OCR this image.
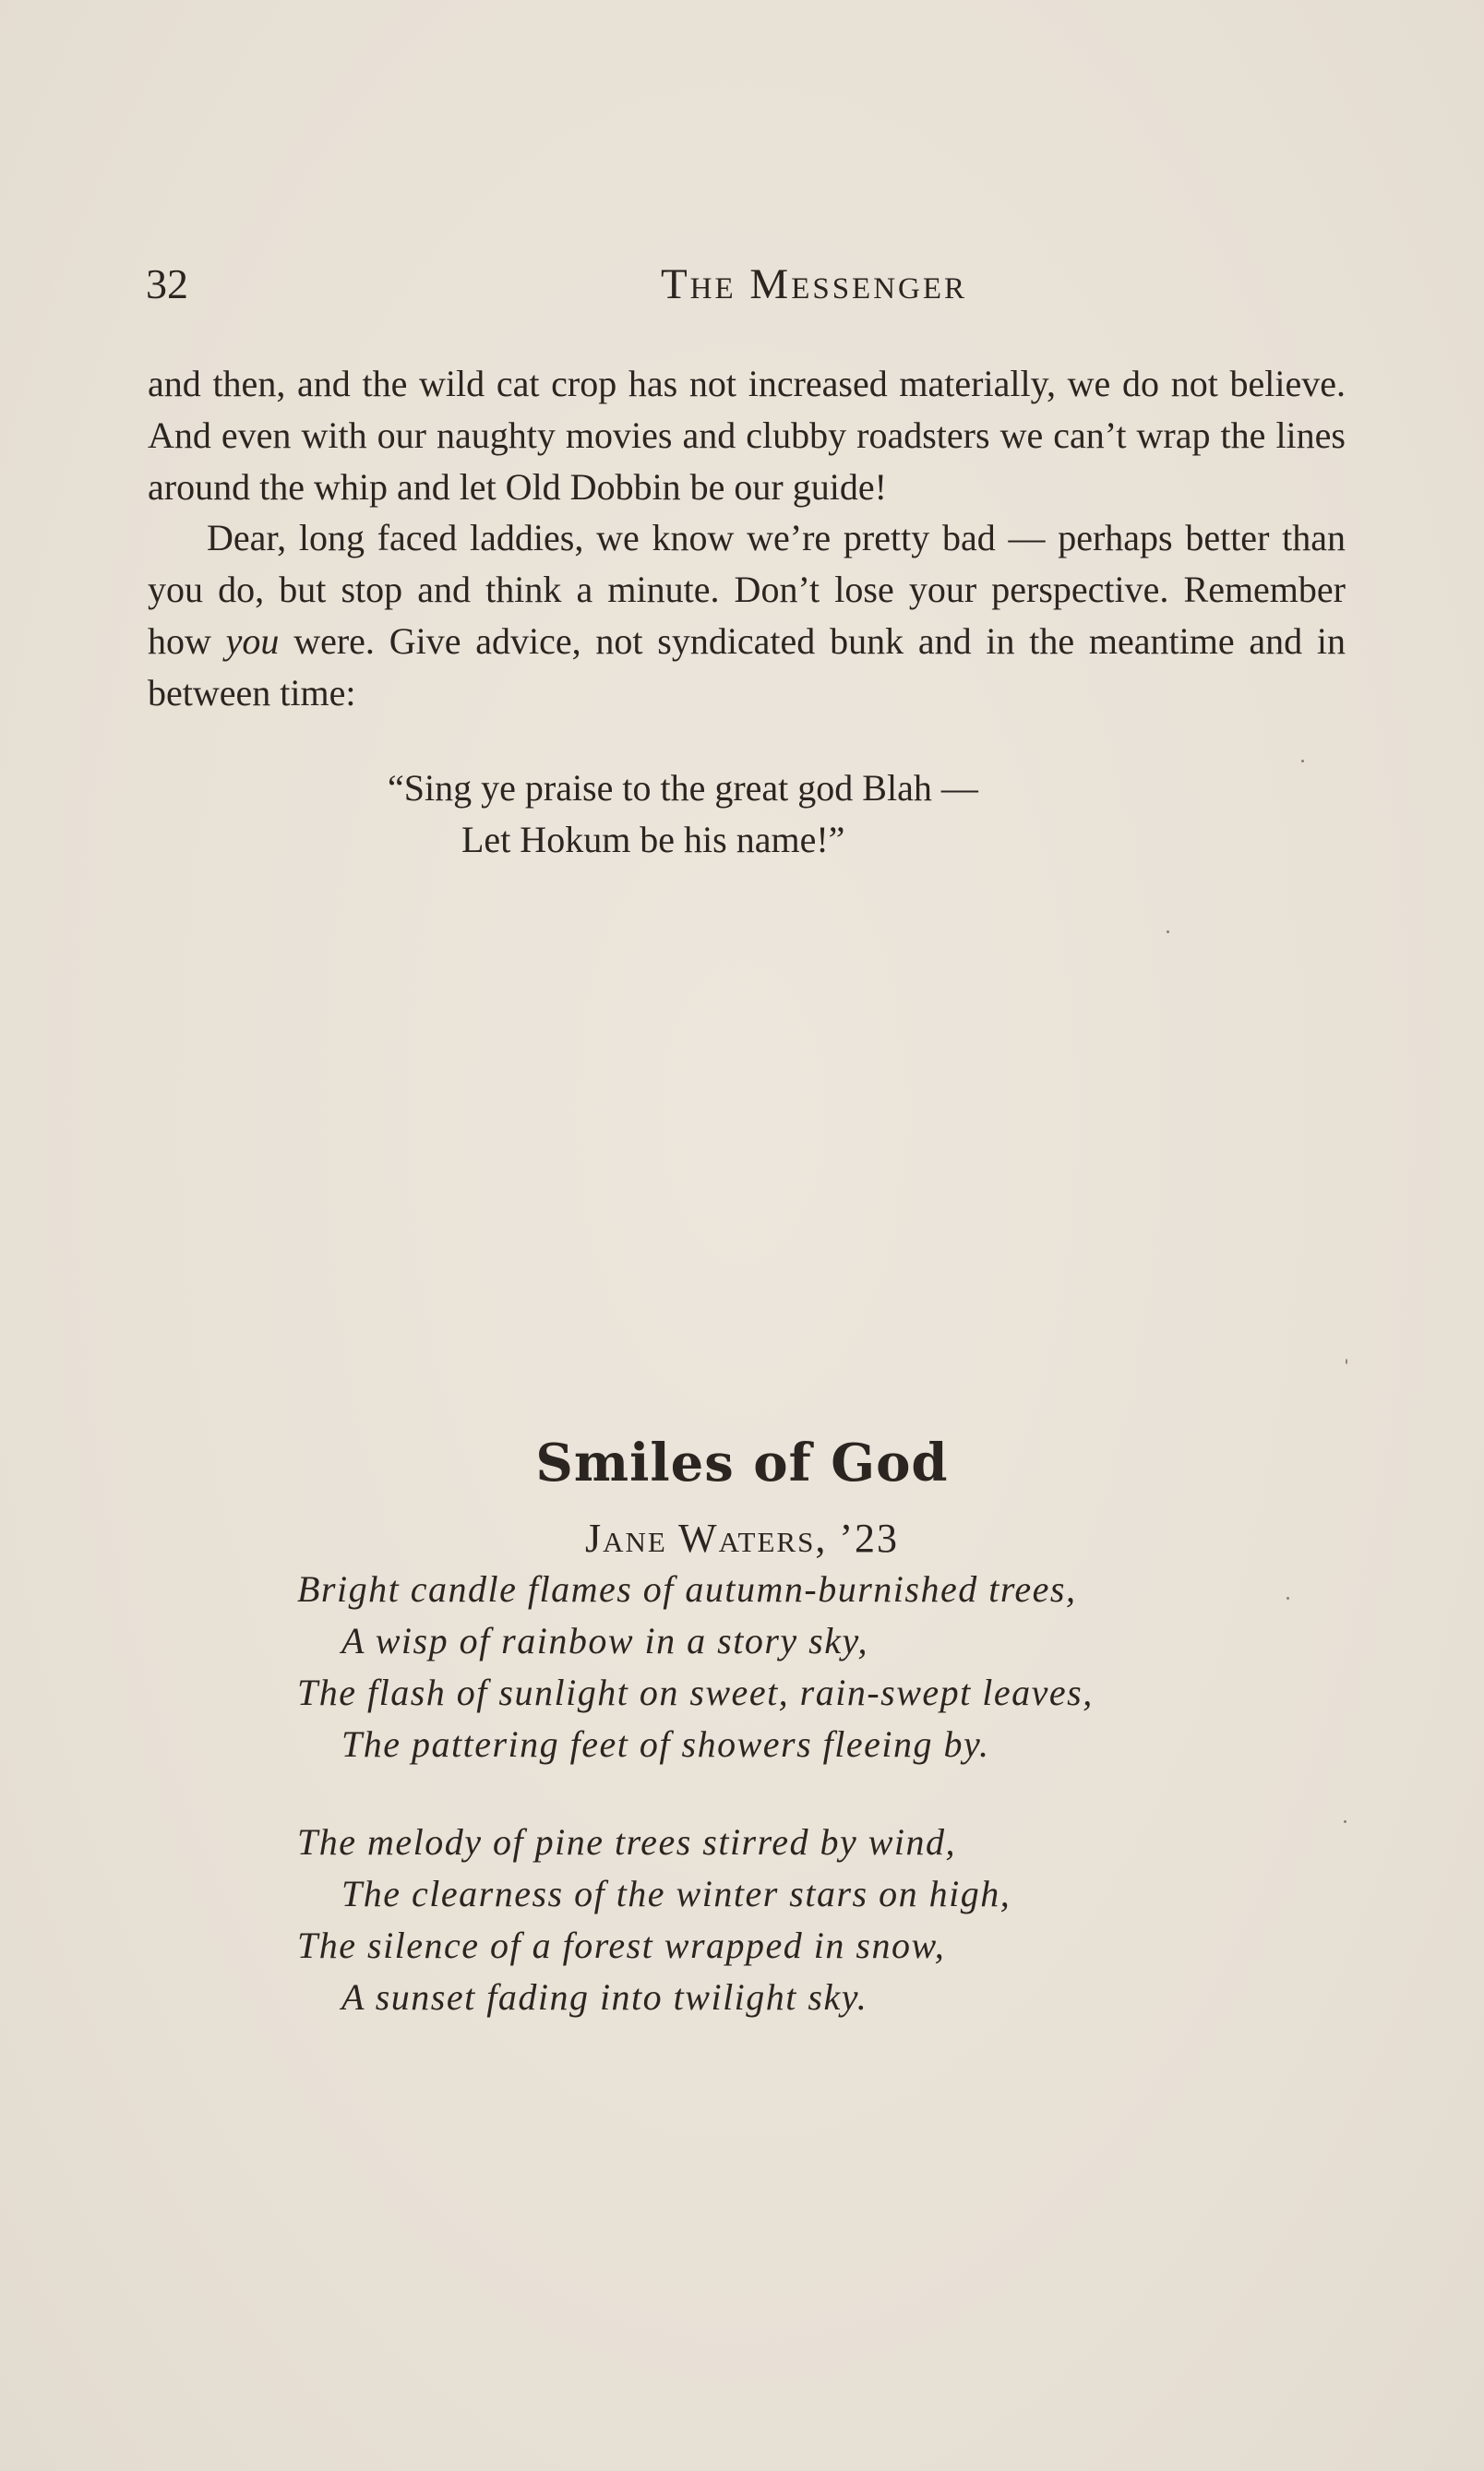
32	The Messenger

and then, and the wild cat crop has not increased materially, we do not believe. And even with our naughty movies and clubby roadsters we can’t wrap the lines around the whip and let Old Dobbin be our guide!

Dear, long faced laddies, we know we’re pretty bad — perhaps better than you do, but stop and think a minute. Don’t lose your perspective. Remember how you were. Give advice, not syndicated bunk and in the meantime and in between time:

“Sing ye praise to the great god Blah —
Let Hokum be his name!”
Smiles of God
Jane Waters, ’23
Bright candle flames of autumn-burnished trees,
A wisp of rainbow in a story sky,
The flash of sunlight on sweet, rain-swept leaves,
The pattering feet of showers fleeing by.
The melody of pine trees stirred by wind,
The clearness of the winter stars on high,
The silence of a forest wrapped in snow,
A sunset fading into twilight sky.
